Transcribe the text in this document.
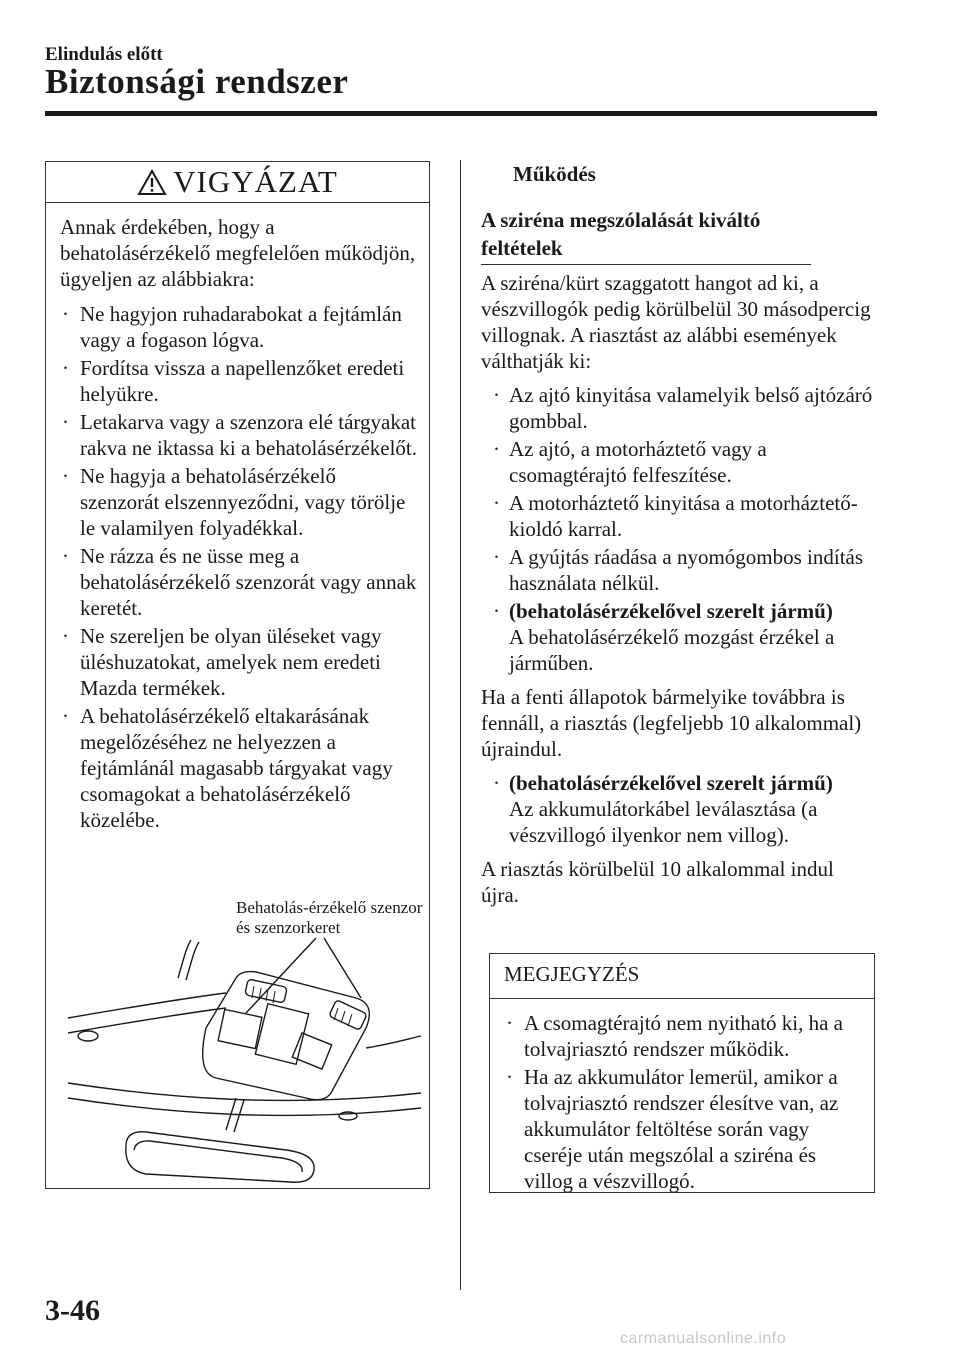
Elindulás előtt
Biztonsági rendszer
VIGYÁZAT

Annak érdekében, hogy a behatolásérzékelő megfelelően működjön, ügyeljen az alábbiakra:

· Ne hagyjon ruhadarabokat a fejtámlán vagy a fogason lógva.
· Fordítsa vissza a napellenzőket eredeti helyükre.
· Letakarva vagy a szenzora elé tárgyakat rakva ne iktassa ki a behatolásérzékelőt.
· Ne hagyja a behatolásérzékelő szenzorát elszennyeződni, vagy törölje le valamilyen folyadékkal.
· Ne rázza és ne üsse meg a behatolásérzékelő szenzorát vagy annak keretét.
· Ne szereljen be olyan üléseket vagy üléshuzatokat, amelyek nem eredeti Mazda termékek.
· A behatolásérzékelő eltakarásának megelőzéséhez ne helyezzen a fejtámlánál magasabb tárgyakat vagy csomagokat a behatolásérzékelő közelébe.
Behatolás-érzékelő szenzor és szenzorkeret
Működés
A sziréna megszólalását kiváltó feltételek

A sziréna/kürt szaggatott hangot ad ki, a vészvillogók pedig körülbelül 30 másodpercig villognak. A riasztást az alábbi események válthatják ki:

· Az ajtó kinyitása valamelyik belső ajtózáró gombbal.
· Az ajtó, a motorháztető vagy a csomagtérajtó felfeszítése.
· A motorháztető kinyitása a motorháztető-kioldó karral.
· A gyújtás ráadása a nyomógombos indítás használata nélkül.
· (behatolásérzékelővel szerelt jármű)
A behatolásérzékelő mozgást érzékel a járműben.

Ha a fenti állapotok bármelyike továbbra is fennáll, a riasztás (legfeljebb 10 alkalommal) újraindul.

· (behatolásérzékelővel szerelt jármű)
Az akkumulátorkábel leválasztása (a vészvillogó ilyenkor nem villog).

A riasztás körülbelül 10 alkalommal indul újra.

MEGJEGYZÉS
· A csomagtérajtó nem nyitható ki, ha a tolvajriasztó rendszer működik.
· Ha az akkumulátor lemerül, amikor a tolvajriasztó rendszer élesítve van, az akkumulátor feltöltése során vagy cseréje után megszólal a sziréna és villog a vészvillogó.
3-46
carmanualsonline.info
